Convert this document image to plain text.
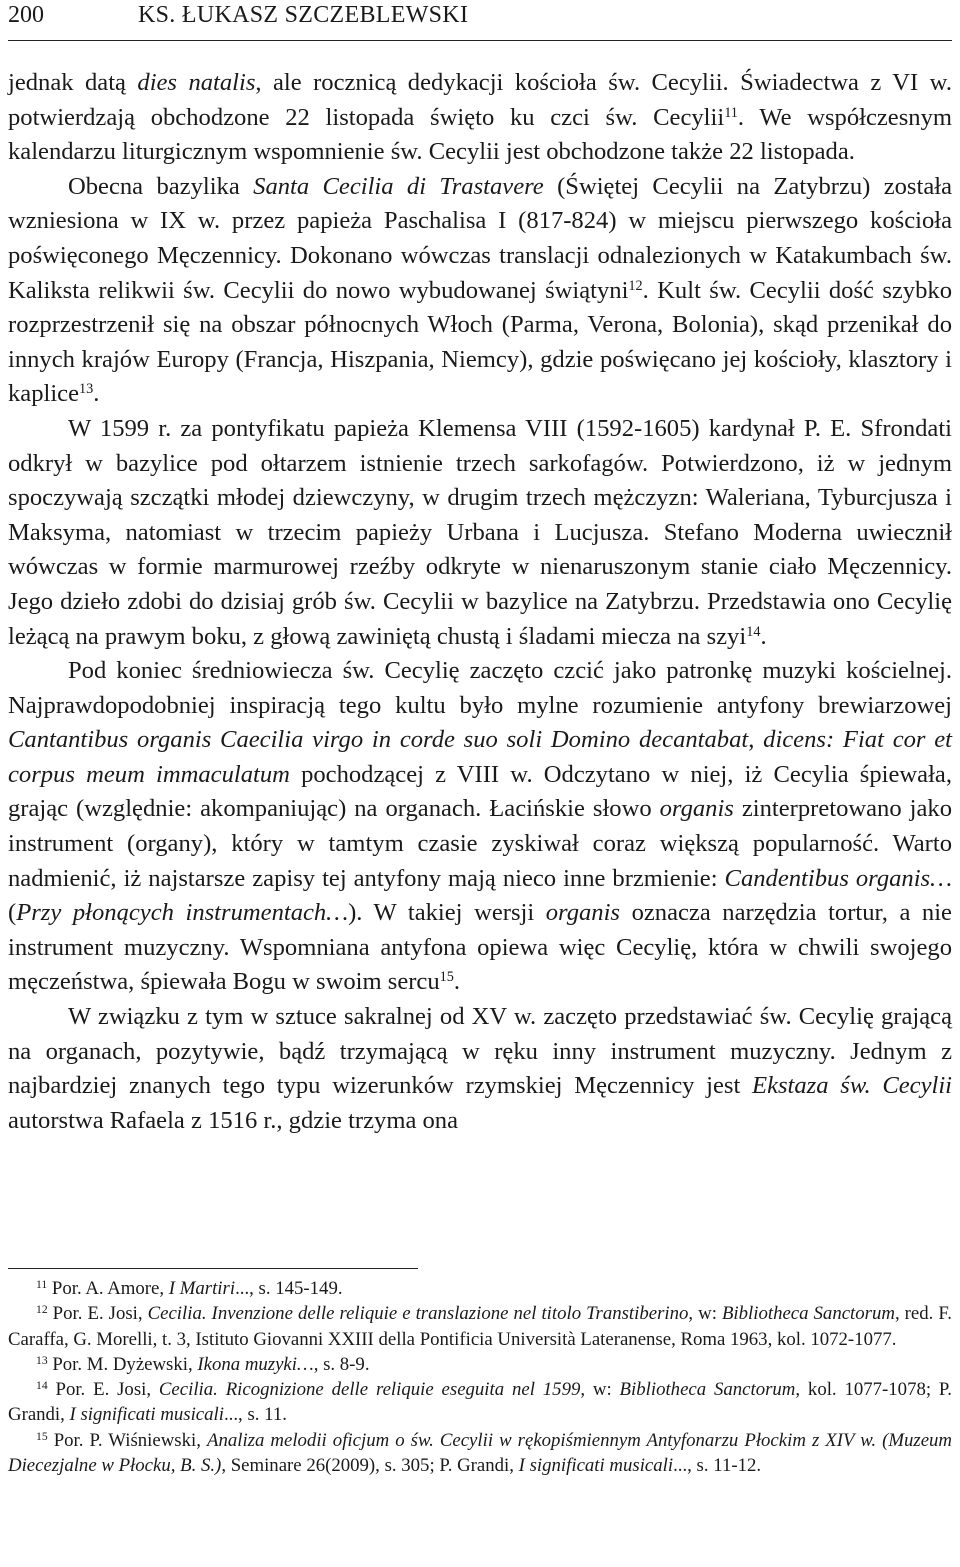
200	KS. ŁUKASZ SZCZEBLEWSKI

jednak datą dies natalis, ale rocznicą dedykacji kościoła św. Cecylii. Świadectwa z VI w. potwierdzają obchodzone 22 listopada święto ku czci św. Cecylii$^{11}$. We współczesnym kalendarzu liturgicznym wspomnienie św. Cecylii jest obchodzone także 22 listopada.

Obecna bazylika Santa Cecilia di Trastavere (Świętej Cecylii na Zatybrzu) została wzniesiona w IX w. przez papieża Paschalisa I (817-824) w miejscu pierwszego kościoła poświęconego Męczennicy. Dokonano wówczas translacji odnalezionych w Katakumbach św. Kaliksta relikwii św. Cecylii do nowo wybudowanej świątyni$^{12}$. Kult św. Cecylii dość szybko rozprzestrzenił się na obszar północnych Włoch (Parma, Verona, Bolonia), skąd przenikał do innych krajów Europy (Francja, Hiszpania, Niemcy), gdzie poświęcano jej kościoły, klasztory i kaplice$^{13}$.

W 1599 r. za pontyfikatu papieża Klemensa VIII (1592-1605) kardynał P. E. Sfrondati odkrył w bazylice pod ołtarzem istnienie trzech sarkofagów. Potwierdzono, iż w jednym spoczywają szczątki młodej dziewczyny, w drugim trzech mężczyzn: Waleriana, Tyburcjusza i Maksyma, natomiast w trzecim papieży Urbana i Lucjusza. Stefano Moderna uwiecznił wówczas w formie marmurowej rzeźby odkryte w nienaruszonym stanie ciało Męczennicy. Jego dzieło zdobi do dzisiaj grób św. Cecylii w bazylice na Zatybrzu. Przedstawia ono Cecylię leżącą na prawym boku, z głową zawiniętą chustą i śladami miecza na szyi$^{14}$.

Pod koniec średniowiecza św. Cecylię zaczęto czcić jako patronkę muzyki kościelnej. Najprawdopodobniej inspiracją tego kultu było mylne rozumienie antyfony brewiarzowej Cantantibus organis Caecilia virgo in corde suo soli Domino decantabat, dicens: Fiat cor et corpus meum immaculatum pochodzącej z VIII w. Odczytano w niej, iż Cecylia śpiewała, grając (względnie: akompaniując) na organach. Łacińskie słowo organis zinterpretowano jako instrument (organy), który w tamtym czasie zyskiwał coraz większą popularność. Warto nadmienić, iż najstarsze zapisy tej antyfony mają nieco inne brzmienie: Candentibus organis… (Przy płonących instrumentach…). W takiej wersji organis oznacza narzędzia tortur, a nie instrument muzyczny. Wspomniana antyfona opiewa więc Cecylię, która w chwili swojego męczeństwa, śpiewała Bogu w swoim sercu$^{15}$.

W związku z tym w sztuce sakralnej od XV w. zaczęto przedstawiać św. Cecylię grającą na organach, pozytywie, bądź trzymającą w ręku inny instrument muzyczny. Jednym z najbardziej znanych tego typu wizerunków rzymskiej Męczennicy jest Ekstaza św. Cecylii autorstwa Rafaela z 1516 r., gdzie trzyma ona

$^{11}$ Por. A. Amore, I Martiri..., s. 145-149.

$^{12}$ Por. E. Josi, Cecilia. Invenzione delle reliquie e translazione nel titolo Transtiberino, w: Bibliotheca Sanctorum, red. F. Caraffa, G. Morelli, t. 3, Istituto Giovanni XXIII della Pontificia Università Lateranense, Roma 1963, kol. 1072-1077.

$^{13}$ Por. M. Dyżewski, Ikona muzyki…, s. 8-9.

$^{14}$ Por. E. Josi, Cecilia. Ricognizione delle reliquie eseguita nel 1599, w: Bibliotheca Sanctorum, kol. 1077-1078; P. Grandi, I significati musicali..., s. 11.

$^{15}$ Por. P. Wiśniewski, Analiza melodii oficjum o św. Cecylii w rękopiśmiennym Antyfonarzu Płockim z XIV w. (Muzeum Diecezjalne w Płocku, B. S.), Seminare 26(2009), s. 305; P. Grandi, I significati musicali..., s. 11-12.
